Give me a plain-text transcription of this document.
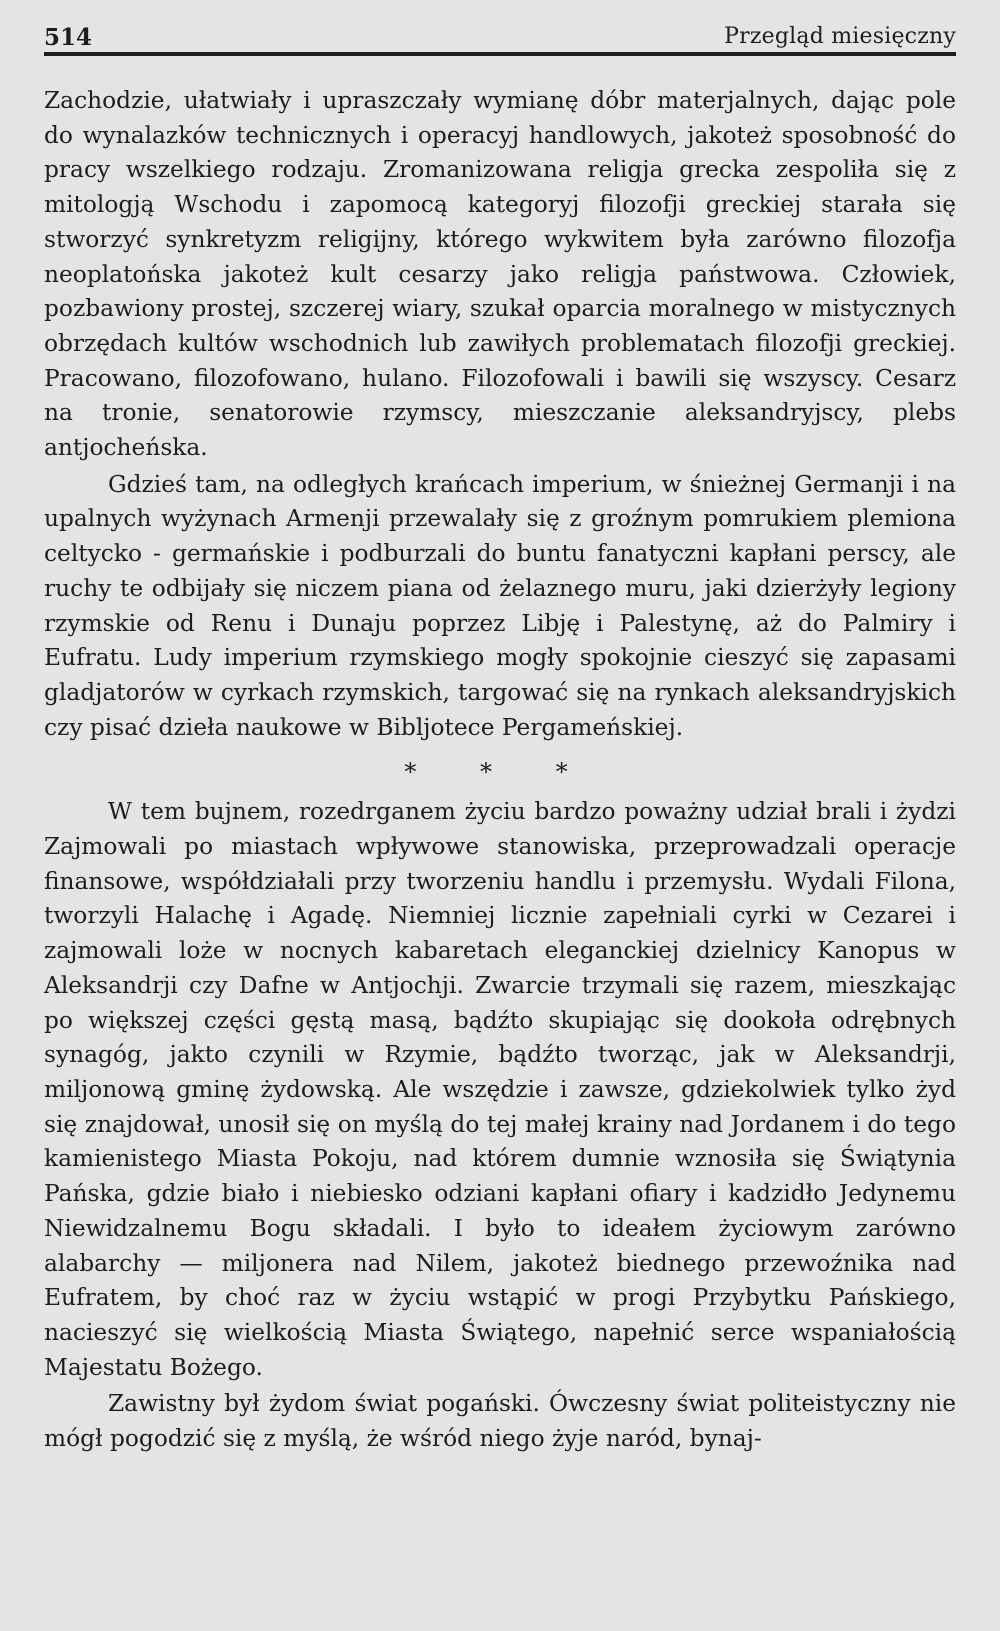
514	Przegląd miesięczny

Zachodzie, ułatwiały i upraszczały wymianę dóbr materjalnych, dając pole do wynalazków technicznych i operacyj handlowych, jakoteż sposobność do pracy wszelkiego rodzaju. Zromanizowana religja grecka zespoliła się z mitologją Wschodu i zapomocą kategoryj filozofji greckiej starała się stworzyć synkretyzm religijny, którego wykwitem była zarówno filozofja neoplatońska jakoteż kult cesarzy jako religja państwowa. Człowiek, pozbawiony prostej, szczerej wiary, szukał oparcia moralnego w mistycznych obrzędach kultów wschodnich lub zawiłych problematach filozofji greckiej. Pracowano, filozofowano, hulano. Filozofowali i bawili się wszyscy. Cesarz na tronie, senatorowie rzymscy, mieszczanie aleksandryjscy, plebs antjocheńska.

Gdzieś tam, na odległych krańcach imperium, w śnieżnej Germanji i na upalnych wyżynach Armenji przewalały się z groźnym pomrukiem plemiona celtycko - germańskie i podburzali do buntu fanatyczni kapłani perscy, ale ruchy te odbijały się niczem piana od żelaznego muru, jaki dzierżyły legiony rzymskie od Renu i Dunaju poprzez Libję i Palestynę, aż do Palmiry i Eufratu. Ludy imperium rzymskiego mogły spokojnie cieszyć się zapasami gladjatorów w cyrkach rzymskich, targować się na rynkach aleksandryjskich czy pisać dzieła naukowe w Bibljotece Pergameńskiej.

* * *

W tem bujnem, rozedrganem życiu bardzo poważny udział brali i żydzi Zajmowali po miastach wpływowe stanowiska, przeprowadzali operacje finansowe, współdziałali przy tworzeniu handlu i przemysłu. Wydali Filona, tworzyli Halachę i Agadę. Niemniej licznie zapełniali cyrki w Cezarei i zajmowali loże w nocnych kabaretach eleganckiej dzielnicy Kanopus w Aleksandrji czy Dafne w Antjochji. Zwarcie trzymali się razem, mieszkając po większej części gęstą masą, bądźto skupiając się dookoła odrębnych synagóg, jakto czynili w Rzymie, bądźto tworząc, jak w Aleksandrji, miljonową gminę żydowską. Ale wszędzie i zawsze, gdziekolwiek tylko żyd się znajdował, unosił się on myślą do tej małej krainy nad Jordanem i do tego kamienistego Miasta Pokoju, nad którem dumnie wznosiła się Świątynia Pańska, gdzie biało i niebiesko odziani kapłani ofiary i kadzidło Jedynemu Niewidzalnemu Bogu składali. I było to ideałem życiowym zarówno alabarchy — miljonera nad Nilem, jakoteż biednego przewoźnika nad Eufratem, by choć raz w życiu wstąpić w progi Przybytku Pańskiego, nacieszyć się wielkością Miasta Świątego, napełnić serce wspaniałością Majestatu Bożego.

Zawistny był żydom świat pogański. Ówczesny świat politeistyczny nie mógł pogodzić się z myślą, że wśród niego żyje naród, bynaj-
